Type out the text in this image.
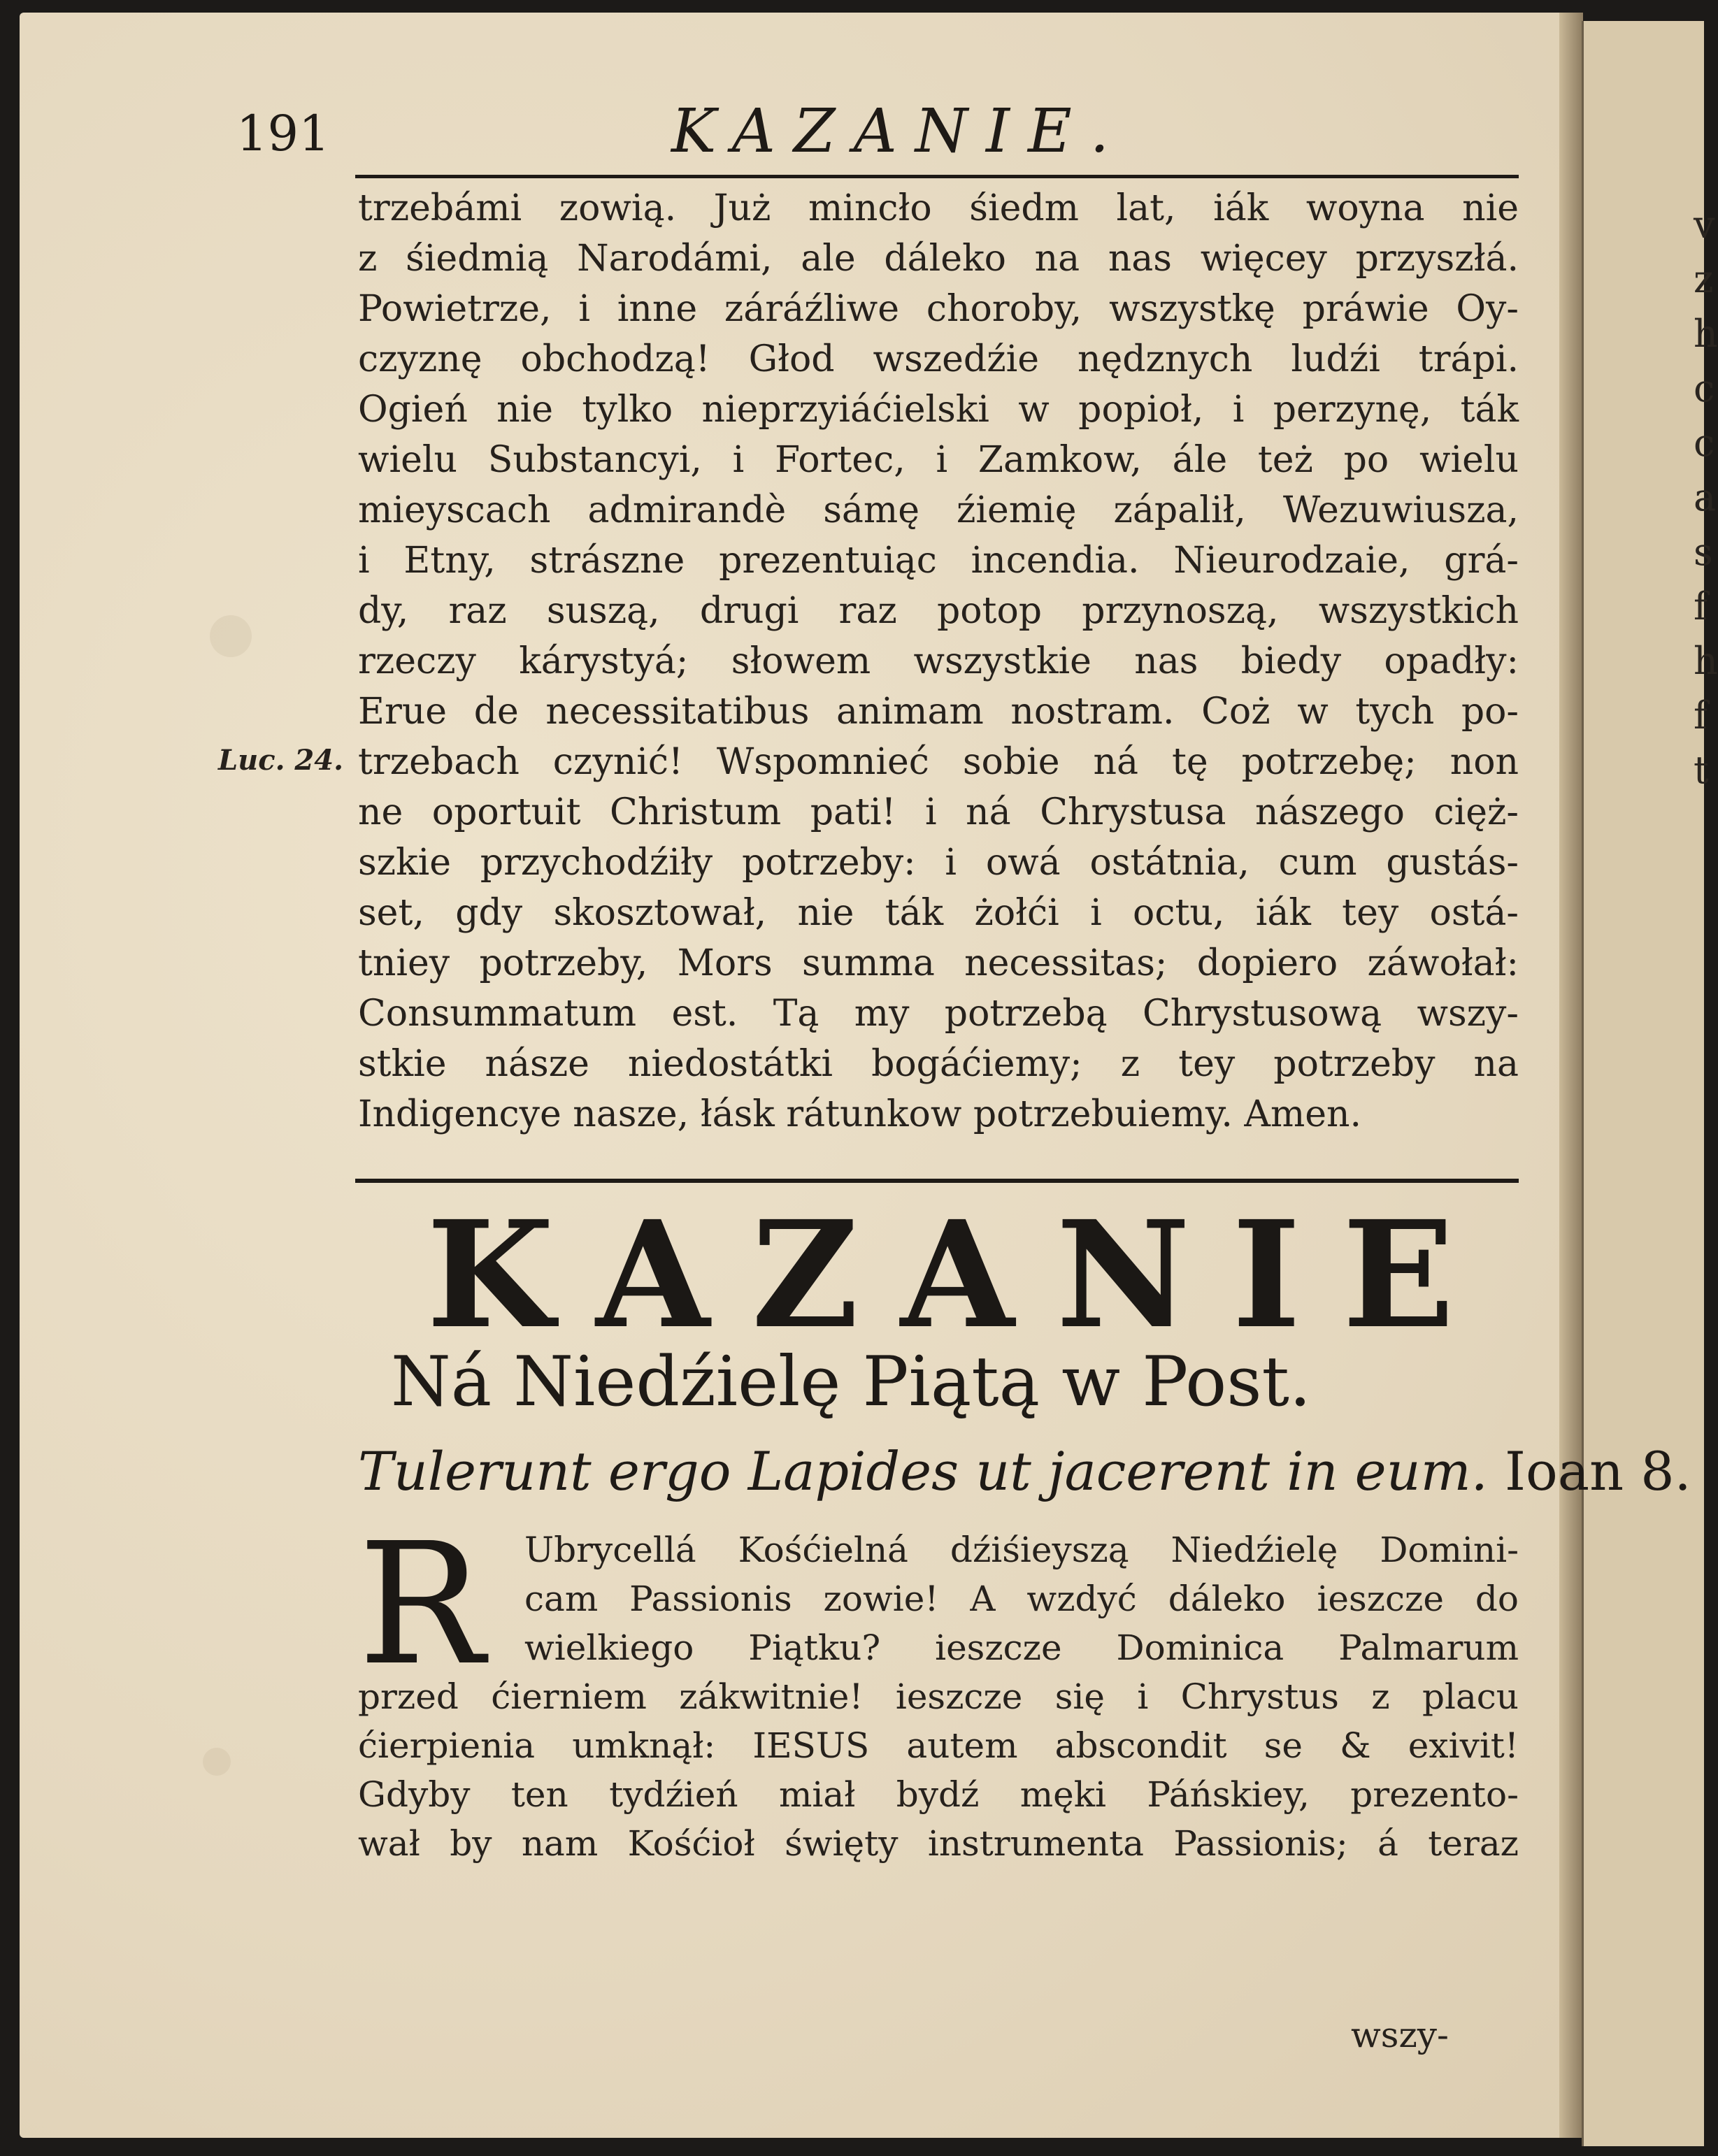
191	KAZANIE.
trzebámi zowią. Już mincło śiedm lat, iák woyna nie
z śiedmią Narodámi, ale dáleko na nas więcey przyszłá.
Powietrze, i inne záráźliwe choroby, wszystkę práwie Oy-
czyznę obchodzą! Głod wszedźie nędznych ludźi trápi.
Ogień nie tylko nieprzyiáćielski w popioł, i perzynę, ták
wielu Substancyi, i Fortec, i Zamkow, ále też po wielu
mieyscach admirandè sámę źiemię zápalił, Wezuwiusza,
i Etny, strászne prezentuiąc incendia. Nieurodzaie, grá-
dy, raz suszą, drugi raz potop przynoszą, wszystkich
rzeczy kárystyá; słowem wszystkie nas biedy opadły:
Erue de necessitatibus animam nostram. Coż w tych po-
trzebach czynić! Wspomnieć sobie ná tę potrzebę; non
ne oportuit Christum pati! i ná Chrystusa nászego cięż-
szkie przychodźiły potrzeby: i owá ostátnia, cum gustás-
set, gdy skosztował, nie ták żołći i octu, iák tey ostá-
tniey potrzeby, Mors summa necessitas; dopiero záwołał:
Consummatum est. Tą my potrzebą Chrystusową wszy-
stkie násze niedostátki bogáćiemy; z tey potrzeby na
Indigencye nasze, łásk rátunkow potrzebuiemy. Amen.
Luc. 24.
K A Z A N I E
Ná Niedźielę Piątą w Post.
Tulerunt ergo Lapides ut jacerent in eum. Ioan 8.
R	Ubrycellá Kośćielná dźiśieyszą Niedźielę Domini-
cam Passionis zowie! A wzdyć dáleko ieszcze do
wielkiego Piątku? ieszcze Dominica Palmarum
przed ćierniem zákwitnie! ieszcze się i Chrystus z placu
ćierpienia umknął: IESUS autem abscondit se & exivit!
Gdyby ten tydźień miał bydź męki Páńskiey, prezento-
wał by nam Kośćioł święty instrumenta Passionis; á teraz
wszy-
v
z
h
c
c
a
s
f
h
f
t
